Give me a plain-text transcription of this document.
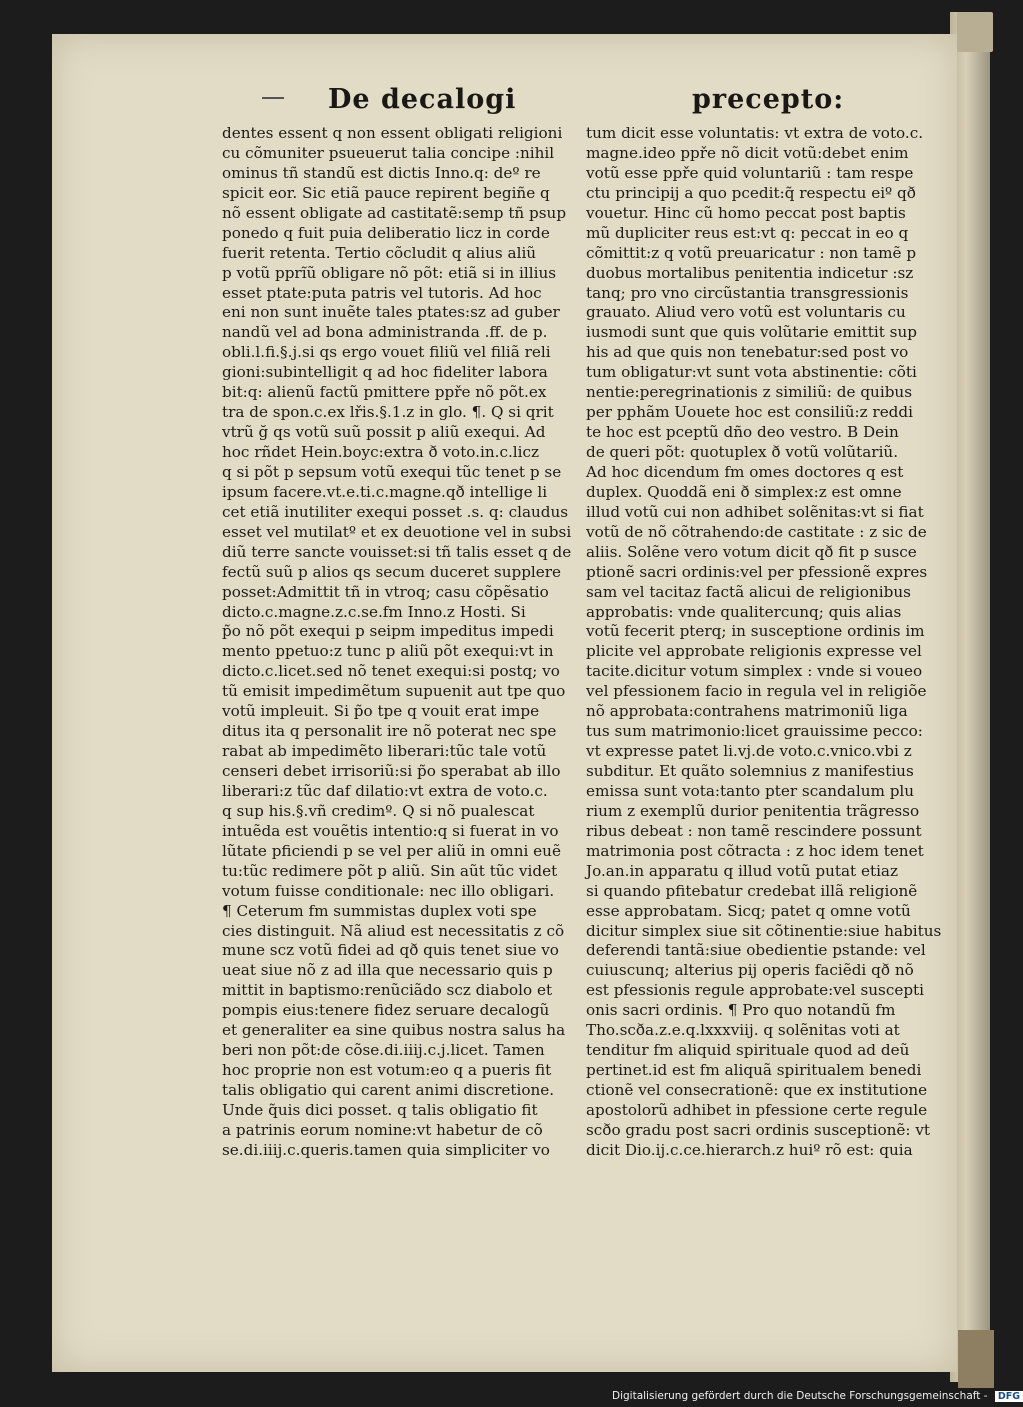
De decalogi	precepto:
dentes essent q non essent obligati religioni
cu cõmuniter psueuerut talia concipe :nihil
ominus tñ standũ est dictis Inno.q: deº re
spicit eor. Sic etiã pauce repirent begiñe q
nõ essent obligate ad castitatẽ:semp tñ psup
ponedo q fuit puia deliberatio licz in corde
fuerit retenta. Tertio cõcludit q alius aliũ
p votũ pprĩũ obligare nõ põt: etiã si in illius
esset ptate:puta patris vel tutoris. Ad hoc
eni non sunt inuẽte tales ptates:sz ad guber
nandũ vel ad bona administranda .ff. de p.
obli.l.fi.§.j.si qs ergo vouet filiũ vel filiã reli
gioni:subintelligit q ad hoc fideliter labora
bit:q: alienũ factũ pmittere ppře nõ põt.ex
tra de spon.c.ex lřis.§.1.z in glo. ¶. Q si qrit
vtrũ ğ qs votũ suũ possit p aliũ exequi. Ad
hoc rñdet Hein.boyc:extra ð voto.in.c.licz
q si põt p sepsum votũ exequi tũc tenet p se
ipsum facere.vt.e.ti.c.magne.qð intellige li
cet etiã inutiliter exequi posset .s. q: claudus
esset vel mutilatº et ex deuotione vel in subsi
diũ terre sancte vouisset:si tñ talis esset q de
fectũ suũ p alios qs secum duceret supplere
posset:Admittit tñ in vtroq; casu cõpẽsatio
dicto.c.magne.z.c.se.fm Inno.z Hosti. Si
p̃o nõ põt exequi p seipm impeditus impedi
mento ppetuo:z tunc p aliũ põt exequi:vt in
dicto.c.licet.sed nõ tenet exequi:si postq; vo
tũ emisit impedimẽtum supuenit aut tpe quo
votũ impleuit. Si p̃o tpe q vouit erat impe
ditus ita q personalit ire nõ poterat nec spe
rabat ab impedimẽto liberari:tũc tale votũ
censeri debet irrisoriũ:si p̃o sperabat ab illo
liberari:z tũc daf dilatio:vt extra de voto.c.
q sup his.§.vñ credimº. Q si nõ pualescat
intuẽda est vouẽtis intentio:q si fuerat in vo
lũtate pficiendi p se vel per aliũ in omni euẽ
tu:tũc redimere põt p aliũ. Sin aũt tũc videt
votum fuisse conditionale: nec illo obligari.
¶ Ceterum fm summistas duplex voti spe
cies distinguit. Nã aliud est necessitatis z cõ
mune scz votũ fidei ad qð quis tenet siue vo
ueat siue nõ z ad illa que necessario quis p
mittit in baptismo:renũciãdo scz diabolo et
pompis eius:tenere fidez seruare decalogũ
et generaliter ea sine quibus nostra salus ha
beri non põt:de cõse.di.iiij.c.j.licet. Tamen
hoc proprie non est votum:eo q a pueris fit
talis obligatio qui carent animi discretione.
Unde q̃uis dici posset. q talis obligatio fit
a patrinis eorum nomine:vt habetur de cõ
se.di.iiij.c.queris.tamen quia simpliciter vo
tum dicit esse voluntatis: vt extra de voto.c.
magne.ideo ppře nõ dicit votũ:debet enim
votũ esse ppře quid voluntariũ : tam respe
ctu principij a quo pcedit:q̃ respectu eiº qð
vouetur. Hinc cũ homo peccat post baptis
mũ dupliciter reus est:vt q: peccat in eo q
cõmittit:z q votũ preuaricatur : non tamẽ p
duobus mortalibus penitentia indicetur :sz
tanq; pro vno circũstantia transgressionis
grauato. Aliud vero votũ est voluntaris cu
iusmodi sunt que quis volũtarie emittit sup
his ad que quis non tenebatur:sed post vo
tum obligatur:vt sunt vota abstinentie: cõti
nentie:peregrinationis z similiũ: de quibus
per pphãm Uouete hoc est consiliũ:z reddi
te hoc est pceptũ dño deo vestro. B Dein
de queri põt: quotuplex ð votũ volũtariũ.
Ad hoc dicendum fm omes doctores q est
duplex. Quoddã eni ð simplex:z est omne
illud votũ cui non adhibet solẽnitas:vt si fiat
votũ de nõ cõtrahendo:de castitate : z sic de
aliis. Solẽne vero votum dicit qð fit p susce
ptionẽ sacri ordinis:vel per pfessionẽ expres
sam vel tacitaz factã alicui de religionibus
approbatis: vnde qualitercunq; quis alias
votũ fecerit pterq; in susceptione ordinis im
plicite vel approbate religionis expresse vel
tacite.dicitur votum simplex : vnde si voueo
vel pfessionem facio in regula vel in religiõe
nõ approbata:contrahens matrimoniũ liga
tus sum matrimonio:licet grauissime pecco:
vt expresse patet li.vj.de voto.c.vnico.vbi z
subditur. Et quãto solemnius z manifestius
emissa sunt vota:tanto pter scandalum plu
rium z exemplũ durior penitentia trãgresso
ribus debeat : non tamẽ rescindere possunt
matrimonia post cõtracta : z hoc idem tenet
Jo.an.in apparatu q illud votũ putat etiaz
si quando pfitebatur credebat illã religionẽ
esse approbatam. Sicq; patet q omne votũ
dicitur simplex siue sit cõtinentie:siue habitus
deferendi tantã:siue obedientie pstande: vel
cuiuscunq; alterius pij operis faciẽdi qð nõ
est pfessionis regule approbate:vel suscepti
onis sacri ordinis. ¶ Pro quo notandũ fm
Tho.scða.z.e.q.lxxxviij. q solẽnitas voti at
tenditur fm aliquid spirituale quod ad deũ
pertinet.id est fm aliquã spiritualem benedi
ctionẽ vel consecrationẽ: que ex institutione
apostolorũ adhibet in pfessione certe regule
scðo gradu post sacri ordinis susceptionẽ: vt
dicit Dio.ij.c.ce.hierarch.z huiº rõ est: quia
Digitalisierung gefördert durch die Deutsche Forschungsgemeinschaft - DFG
